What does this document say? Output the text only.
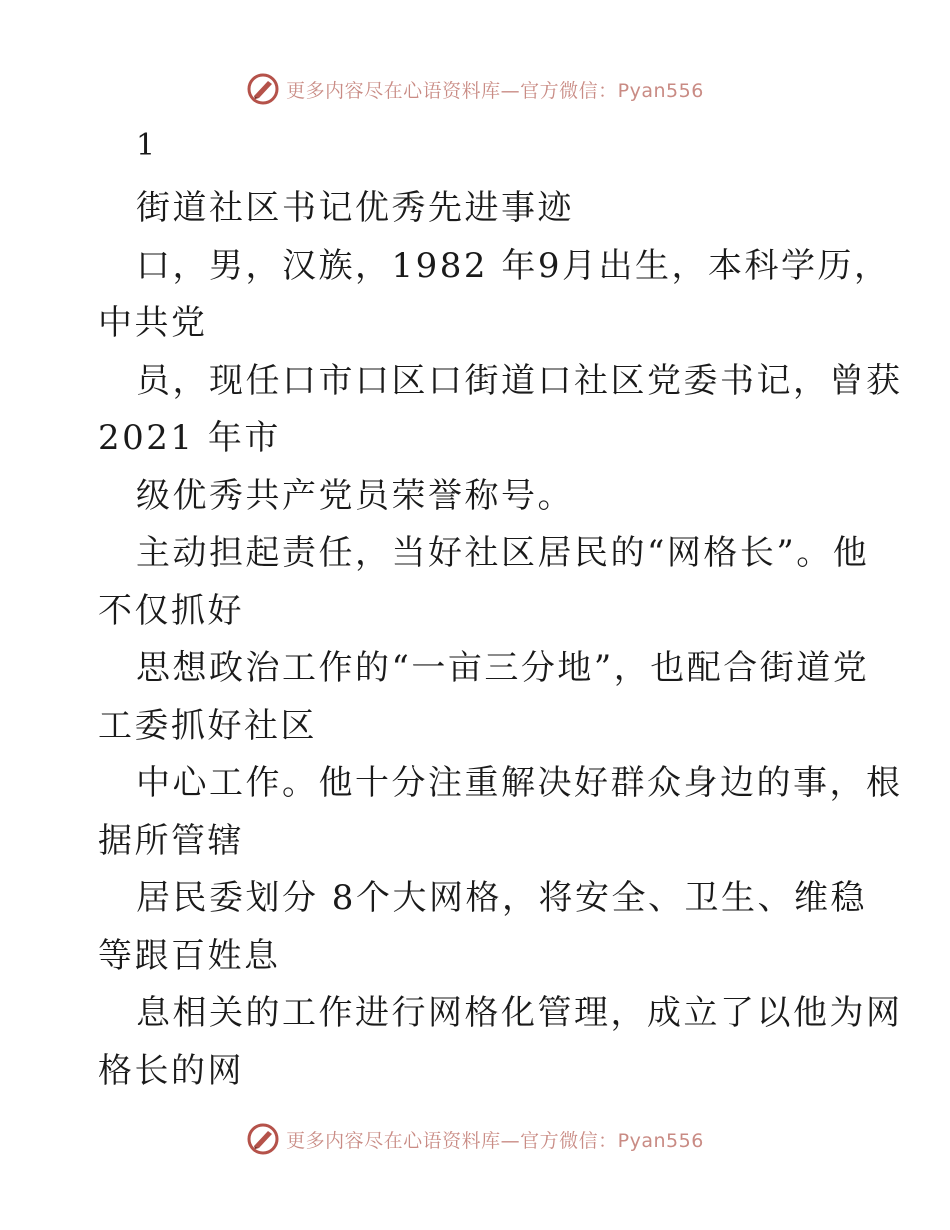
更多内容尽在心语资料库—官方微信：Pyan556
1
街道社区书记优秀先进事迹
口，男，汉族，1982 年9月出生，本科学历，
中共党
员，现任口市口区口街道口社区党委书记，曾获
2021 年市
级优秀共产党员荣誉称号。
主动担起责任，当好社区居民的“网格长”。他
不仅抓好
思想政治工作的“一亩三分地”，也配合街道党
工委抓好社区
中心工作。他十分注重解决好群众身边的事，根
据所管辖
居民委划分 8个大网格，将安全、卫生、维稳
等跟百姓息
息相关的工作进行网格化管理，成立了以他为网
格长的网
更多内容尽在心语资料库—官方微信：Pyan556
